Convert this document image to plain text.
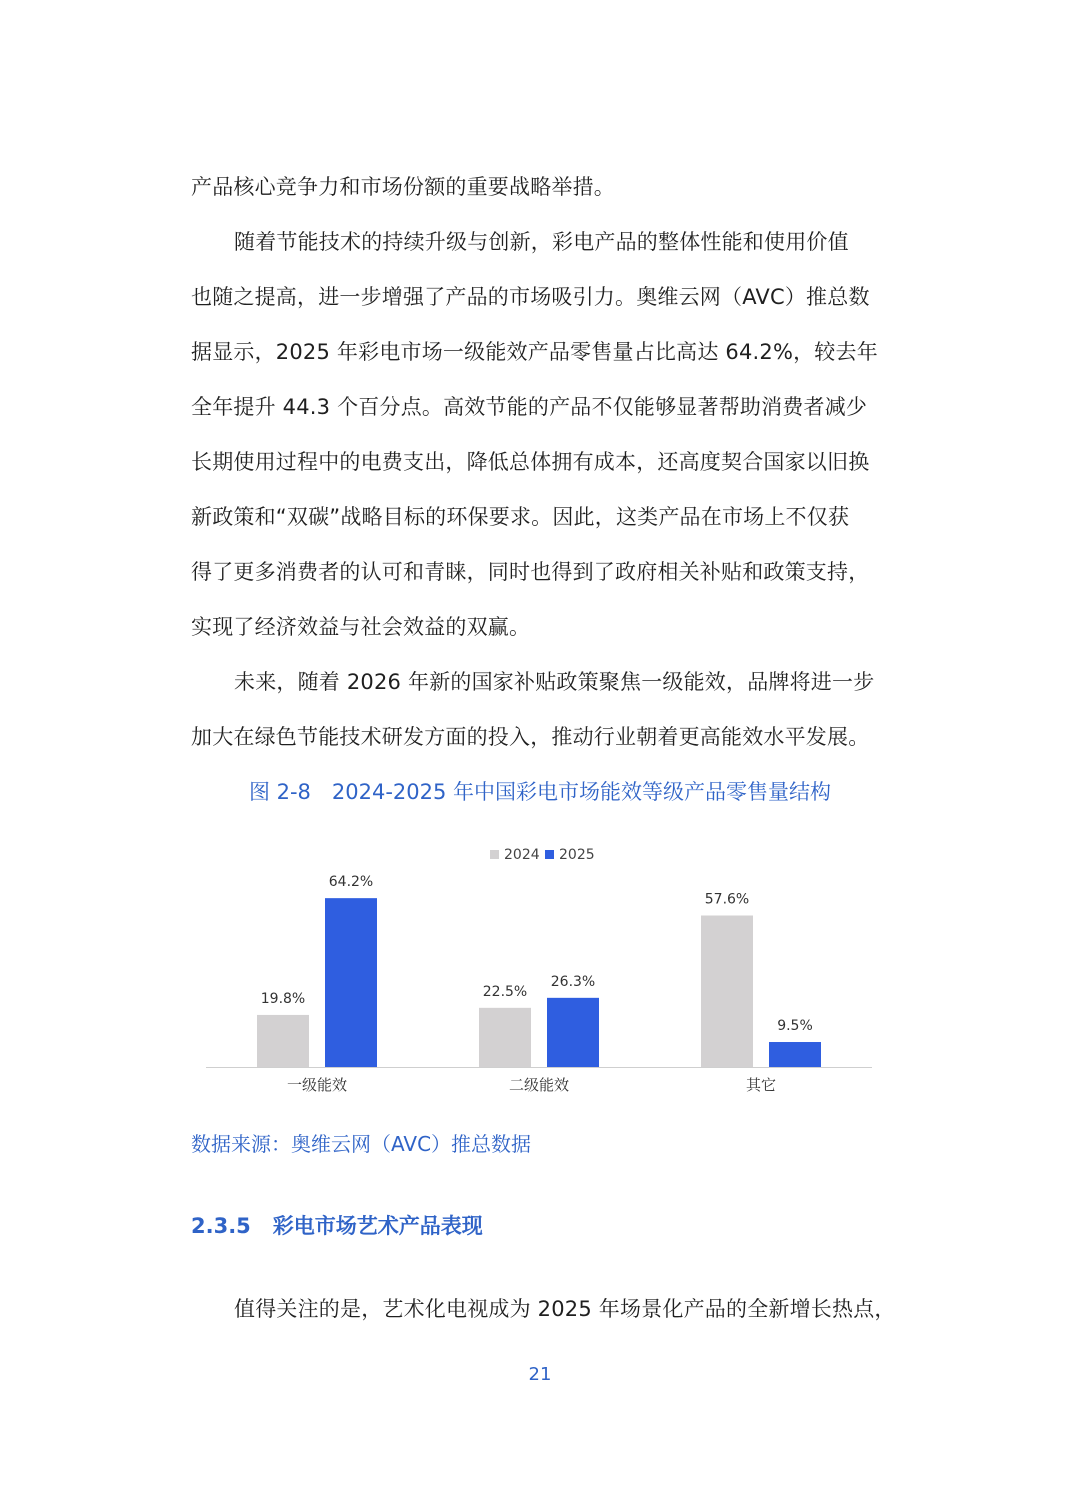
产品核心竞争力和市场份额的重要战略举措。

随着节能技术的持续升级与创新，彩电产品的整体性能和使用价值
也随之提高，进一步增强了产品的市场吸引力。奥维云网（AVC）推总数
据显示，2025 年彩电市场一级能效产品零售量占比高达 64.2%，较去年
全年提升 44.3 个百分点。高效节能的产品不仅能够显著帮助消费者减少
长期使用过程中的电费支出，降低总体拥有成本，还高度契合国家以旧换
新政策和“双碳”战略目标的环保要求。因此，这类产品在市场上不仅获
得了更多消费者的认可和青睐，同时也得到了政府相关补贴和政策支持，
实现了经济效益与社会效益的双赢。

未来，随着 2026 年新的国家补贴政策聚焦一级能效，品牌将进一步
加大在绿色节能技术研发方面的投入，推动行业朝着更高能效水平发展。

图 2-8　2024-2025 年中国彩电市场能效等级产品零售量结构

19.8%
64.2%
一级能效
22.5%
26.3%
二级能效
57.6%
9.5%
其它
2024 2025

数据来源：奥维云网（AVC）推总数据

2.3.5 彩电市场艺术产品表现

值得关注的是，艺术化电视成为 2025 年场景化产品的全新增长热点，

21
